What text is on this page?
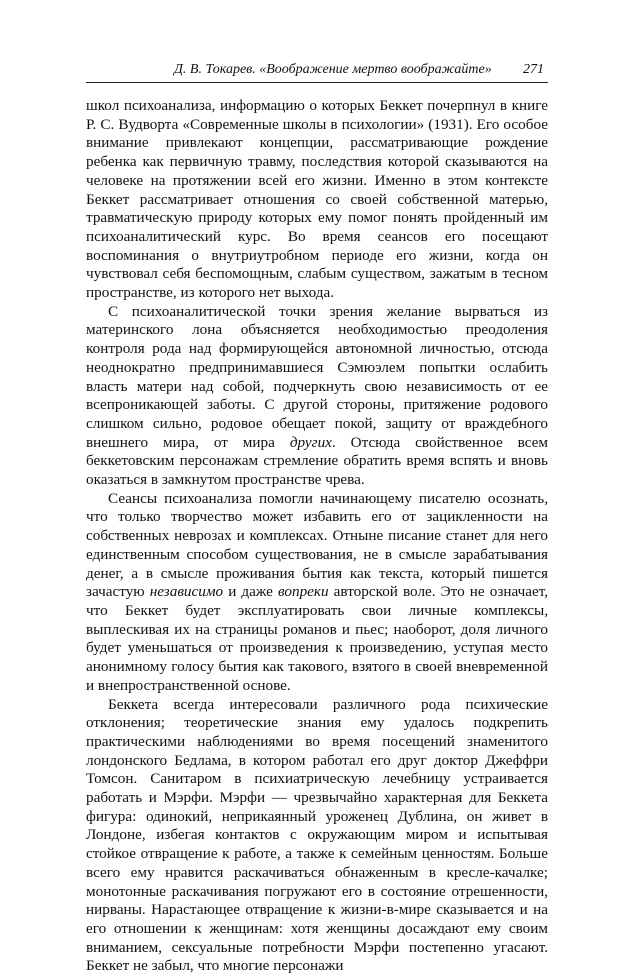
Д. В. Токарев. «Воображение мертво воображайте» 271

школ психоанализа, информацию о которых Беккет почерпнул в книге Р. С. Вудворта «Современные школы в психологии» (1931). Его особое внимание привлекают концепции, рассматривающие рождение ребенка как первичную травму, последствия которой сказываются на человеке на протяжении всей его жизни. Именно в этом контексте Беккет рассматривает отношения со своей собственной матерью, травматическую природу которых ему помог понять пройденный им психоаналитический курс. Во время сеансов его посещают воспоминания о внутриутробном периоде его жизни, когда он чувствовал себя беспомощным, слабым существом, зажатым в тесном пространстве, из которого нет выхода.

С психоаналитической точки зрения желание вырваться из материнского лона объясняется необходимостью преодоления контроля рода над формирующейся автономной личностью, отсюда неоднократно предпринимавшиеся Сэмюэлем попытки ослабить власть матери над собой, подчеркнуть свою независимость от ее всепроникающей заботы. С другой стороны, притяжение родового слишком сильно, родовое обещает покой, защиту от враждебного внешнего мира, от мира других. Отсюда свойственное всем беккетовским персонажам стремление обратить время вспять и вновь оказаться в замкнутом пространстве чрева.

Сеансы психоанализа помогли начинающему писателю осознать, что только творчество может избавить его от зацикленности на собственных неврозах и комплексах. Отныне писание станет для него единственным способом существования, не в смысле зарабатывания денег, а в смысле проживания бытия как текста, который пишется зачастую независимо и даже вопреки авторской воле. Это не означает, что Беккет будет эксплуатировать свои личные комплексы, выплескивая их на страницы романов и пьес; наоборот, доля личного будет уменьшаться от произведения к произведению, уступая место анонимному голосу бытия как такового, взятого в своей вневременной и внепространственной основе.

Беккета всегда интересовали различного рода психические отклонения; теоретические знания ему удалось подкрепить практическими наблюдениями во время посещений знаменитого лондонского Бедлама, в котором работал его друг доктор Джеффри Томсон. Санитаром в психиатрическую лечебницу устраивается работать и Мэрфи. Мэрфи — чрезвычайно характерная для Беккета фигура: одинокий, неприкаянный уроженец Дублина, он живет в Лондоне, избегая контактов с окружающим миром и испытывая стойкое отвращение к работе, а также к семейным ценностям. Больше всего ему нравится раскачиваться обнаженным в кресле-качалке; монотонные раскачивания погружают его в состояние отрешенности, нирваны. Нарастающее отвращение к жизни-в-мире сказывается и на его отношении к женщинам: хотя женщины досаждают ему своим вниманием, сексуальные потребности Мэрфи постепенно угасают. Беккет не забыл, что многие персонажи
